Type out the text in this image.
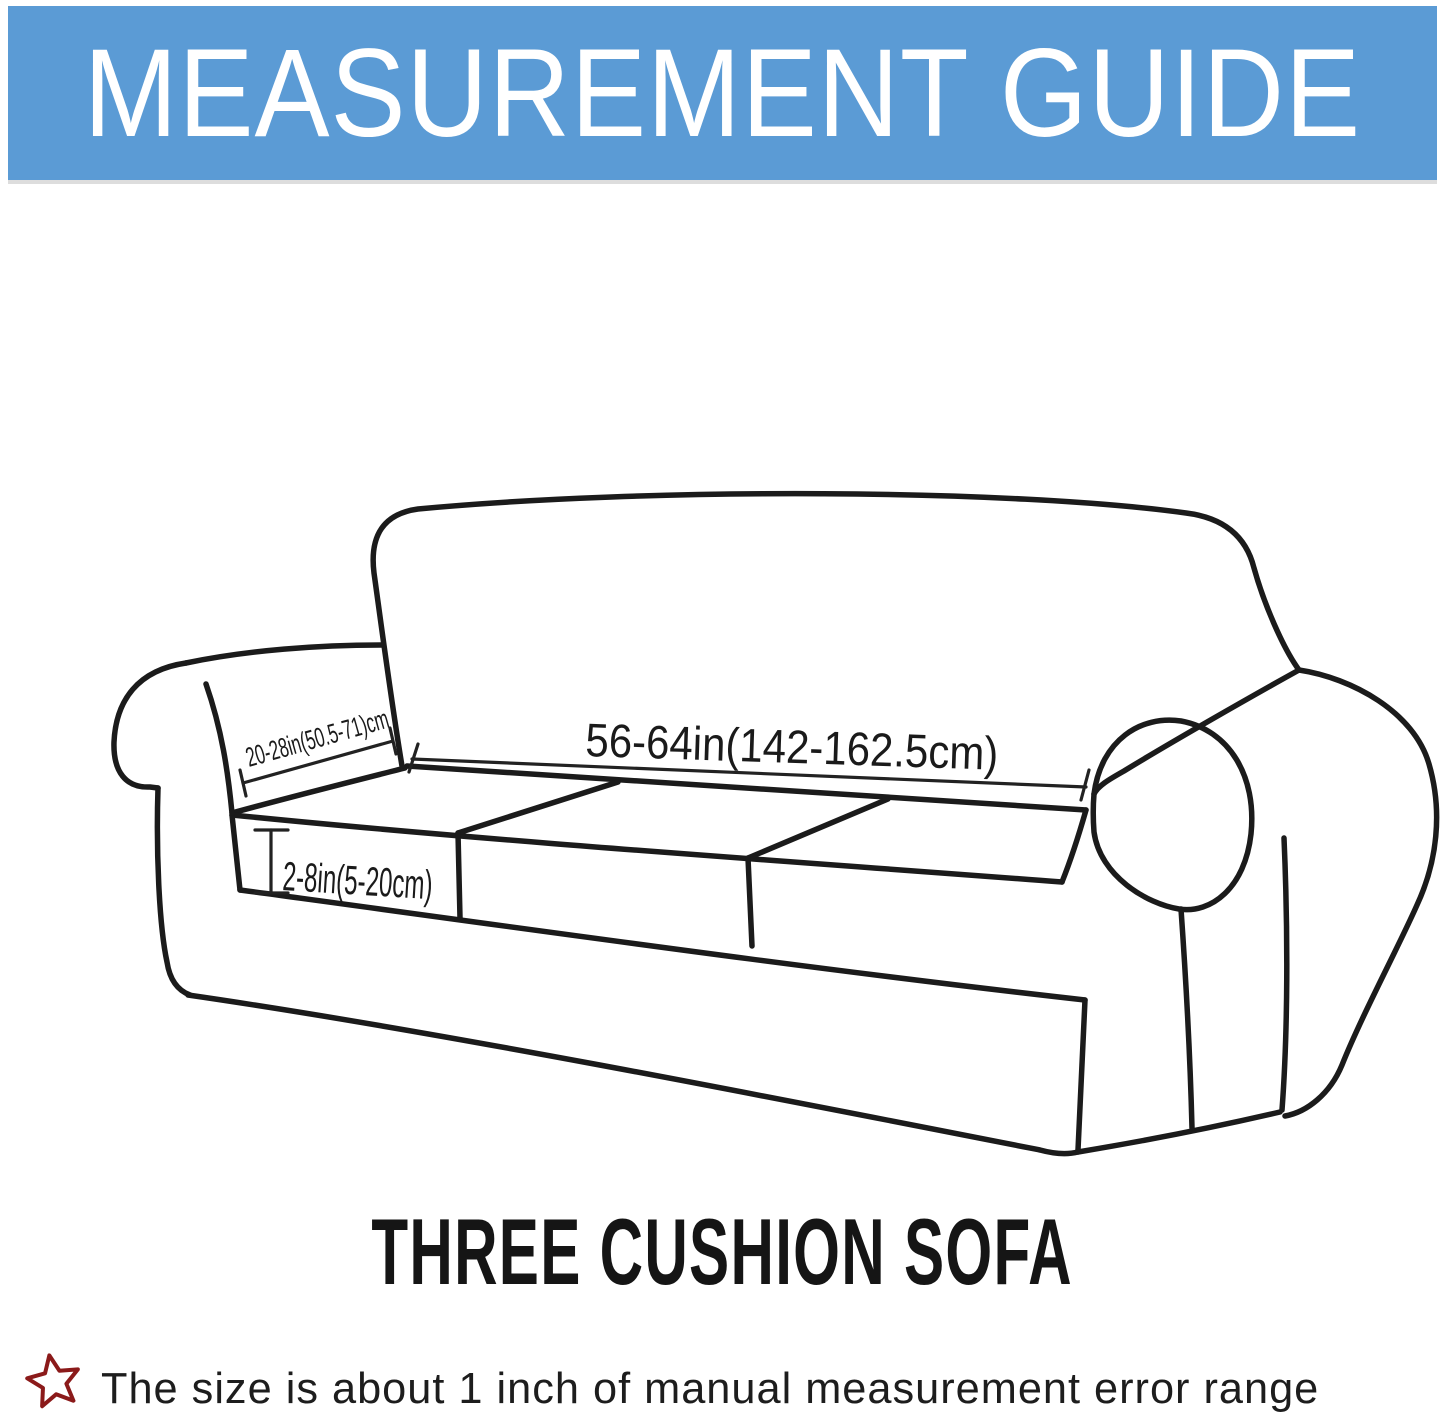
MEASUREMENT GUIDE
20-28in(50.5-71)cm 56-64in(142-162.5cm)
2-8in(5-20cm)
THREE CUSHION SOFA
The size is about 1 inch of manual measurement error range
